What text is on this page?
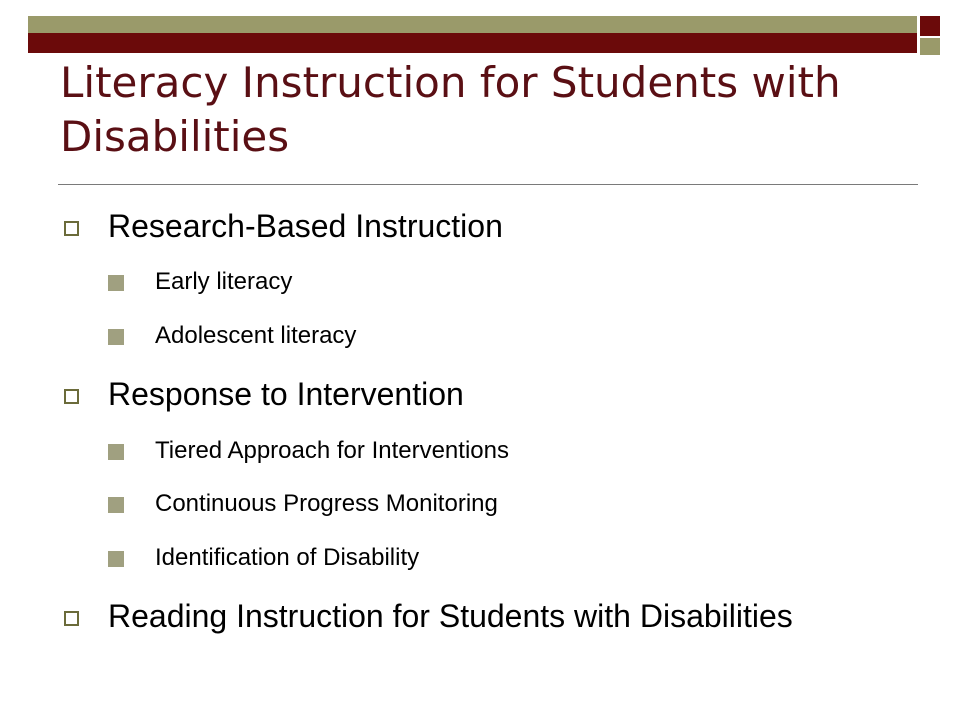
Literacy Instruction for Students with Disabilities
Research-Based Instruction
Early literacy
Adolescent literacy
Response to Intervention
Tiered Approach for Interventions
Continuous Progress Monitoring
Identification of Disability
Reading Instruction for Students with Disabilities
